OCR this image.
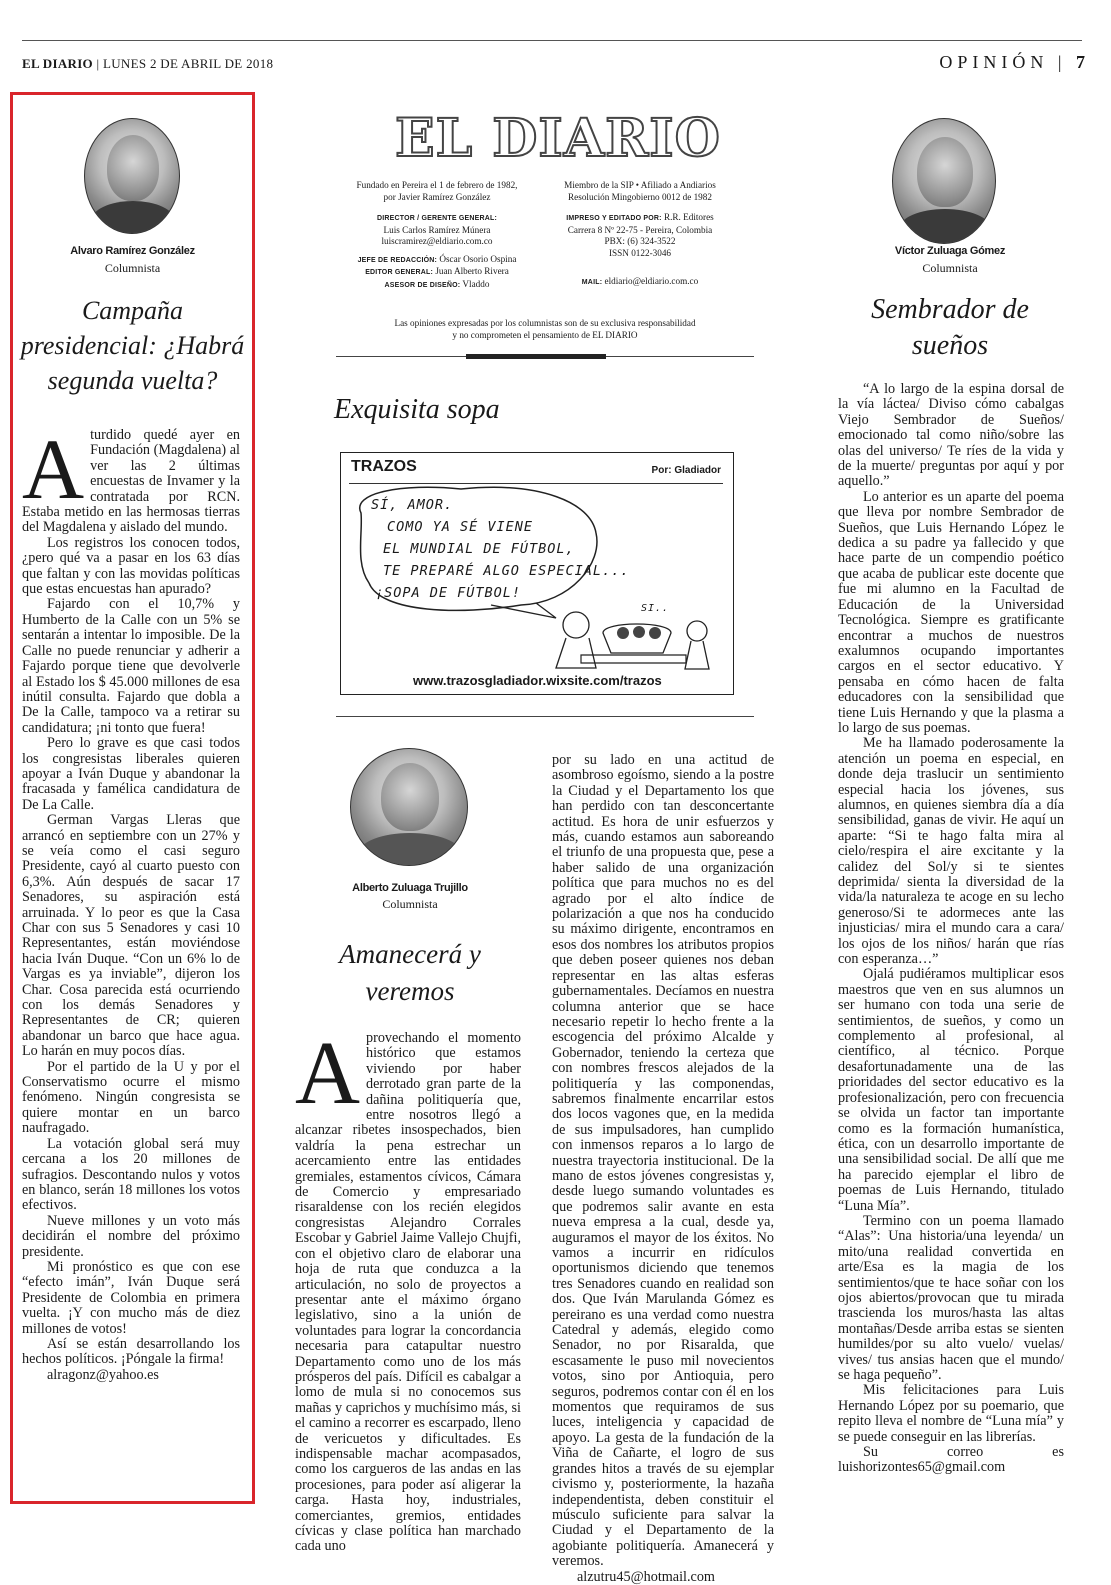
EL DIARIO | LUNES 2 DE ABRIL DE 2018	OPINIÓN | 7
Alvaro Ramírez González
Columnista
Campaña presidencial: ¿Habrá segunda vuelta?
A turdido quedé ayer en Fundación (Magdalena) al ver las 2 últimas encuestas de Invamer y la contratada por RCN. Estaba metido en las hermosas tierras del Magdalena y aislado del mundo.

Los registros los conocen todos, ¿pero qué va a pasar en los 63 días que faltan y con las movidas políticas que estas encuestas han apurado?

Fajardo con el 10,7% y Humberto de la Calle con un 5% se sentarán a intentar lo imposible. De la Calle no puede renunciar y adherir a Fajardo porque tiene que devolverle al Estado los $ 45.000 millones de esa inútil consulta. Fajardo que dobla a De la Calle, tampoco va a retirar su candidatura; ¡ni tonto que fuera!

Pero lo grave es que casi todos los congresistas liberales quieren apoyar a Iván Duque y abandonar la fracasada y famélica candidatura de De La Calle.

German Vargas Lleras que arrancó en septiembre con un 27% y se veía como el casi seguro Presidente, cayó al cuarto puesto con 6,3%. Aún después de sacar 17 Senadores, su aspiración está arruinada. Y lo peor es que la Casa Char con sus 5 Senadores y casi 10 Representantes, están moviéndose hacia Iván Duque. “Con un 6% lo de Vargas es ya inviable”, dijeron los Char. Cosa parecida está ocurriendo con los demás Senadores y Representantes de CR; quieren abandonar un barco que hace agua. Lo harán en muy pocos días.

Por el partido de la U y por el Conservatismo ocurre el mismo fenómeno. Ningún congresista se quiere montar en un barco naufragado.

La votación global será muy cercana a los 20 millones de sufragios. Descontando nulos y votos en blanco, serán 18 millones los votos efectivos.

Nueve millones y un voto más decidirán el nombre del próximo presidente.

Mi pronóstico es que con ese “efecto imán”, Iván Duque será Presidente de Colombia en primera vuelta. ¡Y con mucho más de diez millones de votos!

Así se están desarrollando los hechos políticos. ¡Póngale la firma!

alragonz@yahoo.es

EL DIARIO
Fundado en Pereira el 1 de febrero de 1982,
por Javier Ramírez González
DIRECTOR / GERENTE GENERAL:
Luis Carlos Ramírez Múnera
luiscramirez@eldiario.com.co
JEFE DE REDACCIÓN: Óscar Osorio Ospina
EDITOR GENERAL: Juan Alberto Rivera
ASESOR DE DISEÑO: Vladdo
Miembro de la SIP • Afiliado a Andiarios
Resolución Mingobierno 0012 de 1982
IMPRESO Y EDITADO POR: R.R. Editores
Carrera 8 Nº 22-75 - Pereira, Colombia
PBX: (6) 324-3522
ISSN 0122-3046
MAIL: eldiario@eldiario.com.co
Las opiniones expresadas por los columnistas son de su exclusiva responsabilidad
y no comprometen el pensamiento de EL DIARIO
Exquisita sopa
TRAZOS	Por: Gladiador
SÍ, AMOR.
COMO YA SÉ VIENE
EL MUNDIAL DE FÚTBOL,
TE PREPARÉ ALGO ESPECIAL...
¡SOPA DE FÚTBOL!
SI..
www.trazosgladiador.wixsite.com/trazos
Alberto Zuluaga Trujillo
Columnista
Amanecerá y veremos
A provechando el momento histórico que estamos viviendo por haber derrotado gran parte de la dañina politiquería que, entre nosotros llegó a alcanzar ribetes insospechados, bien valdría la pena estrechar un acercamiento entre las entidades gremiales, estamentos cívicos, Cámara de Comercio y empresariado risaraldense con los recién elegidos congresistas Alejandro Corrales Escobar y Gabriel Jaime Vallejo Chujfi, con el objetivo claro de elaborar una hoja de ruta que conduzca a la articulación, no solo de proyectos a presentar ante el máximo órgano legislativo, sino a la unión de voluntades para lograr la concordancia necesaria para catapultar nuestro Departamento como uno de los más prósperos del país. Difícil es cabalgar a lomo de mula si no conocemos sus mañas y caprichos y muchísimo más, si el camino a recorrer es escarpado, lleno de vericuetos y dificultades. Es indispensable machar acompasados, como los cargueros de las andas en las procesiones, para poder así aligerar la carga. Hasta hoy, industriales, comerciantes, gremios, entidades cívicas y clase política han marchado cada uno

por su lado en una actitud de asombroso egoísmo, siendo a la postre la Ciudad y el Departamento los que han perdido con tan desconcertante actitud. Es hora de unir esfuerzos y más, cuando estamos aun saboreando el triunfo de una propuesta que, pese a haber salido de una organización política que para muchos no es del agrado por el alto índice de polarización a que nos ha conducido su máximo dirigente, encontramos en esos dos nombres los atributos propios que deben poseer quienes nos deban representar en las altas esferas gubernamentales. Decíamos en nuestra columna anterior que se hace necesario repetir lo hecho frente a la escogencia del próximo Alcalde y Gobernador, teniendo la certeza que con nombres frescos alejados de la politiquería y las componendas, sabremos finalmente encarrilar estos dos locos vagones que, en la medida de sus impulsadores, han cumplido con inmensos reparos a lo largo de nuestra trayectoria institucional. De la mano de estos jóvenes congresistas y, desde luego sumando voluntades es que podremos salir avante en esta nueva empresa a la cual, desde ya, auguramos el mayor de los éxitos. No vamos a incurrir en ridículos oportunismos diciendo que tenemos tres Senadores cuando en realidad son dos. Que Iván Marulanda Gómez es pereirano es una verdad como nuestra Catedral y además, elegido como Senador, no por Risaralda, que escasamente le puso mil novecientos votos, sino por Antioquia, pero seguros, podremos contar con él en los momentos que requiramos de sus luces, inteligencia y capacidad de apoyo. La gesta de la fundación de la Viña de Cañarte, el logro de sus grandes hitos a través de su ejemplar civismo y, posteriormente, la hazaña independentista, deben constituir el músculo suficiente para salvar la Ciudad y el Departamento de la agobiante politiquería. Amanecerá y veremos.

alzutru45@hotmail.com

Víctor Zuluaga Gómez
Columnista
Sembrador de sueños

“A lo largo de la espina dorsal de la vía láctea/ Diviso cómo cabalgas Viejo Sembrador de Sueños/ emocionado tal como niño/sobre las olas del universo/ Te ríes de la vida y de la muerte/ preguntas por aquí y por aquello.”

Lo anterior es un aparte del poema que lleva por nombre Sembrador de Sueños, que Luis Hernando López le dedica a su padre ya fallecido y que hace parte de un compendio poético que acaba de publicar este docente que fue mi alumno en la Facultad de Educación de la Universidad Tecnológica. Siempre es gratificante encontrar a muchos de nuestros exalumnos ocupando importantes cargos en el sector educativo. Y pensaba en cómo hacen de falta educadores con la sensibilidad que tiene Luis Hernando y que la plasma a lo largo de sus poemas.

Me ha llamado poderosamente la atención un poema en especial, en donde deja traslucir un sentimiento especial hacia los jóvenes, sus alumnos, en quienes siembra día a día sensibilidad, ganas de vivir. He aquí un aparte: “Si te hago falta mira al cielo/respira el aire excitante y la calidez del Sol/y si te sientes deprimida/ sienta la diversidad de la vida/la naturaleza te acoge en su lecho generoso/Si te adormeces ante las injusticias/ mira el mundo cara a cara/ los ojos de los niños/ harán que rías con esperanza…”

Ojalá pudiéramos multiplicar esos maestros que ven en sus alumnos un ser humano con toda una serie de sentimientos, de sueños, y como un complemento al profesional, al científico, al técnico. Porque desafortunadamente una de las prioridades del sector educativo es la profesionalización, pero con frecuencia se olvida un factor tan importante como es la formación humanística, ética, con un desarrollo importante de una sensibilidad social. De allí que me ha parecido ejemplar el libro de poemas de Luis Hernando, titulado “Luna Mía”.

Termino con un poema llamado “Alas”: Una historia/una leyenda/ un mito/una realidad convertida en arte/Esa es la magia de los sentimientos/que te hace soñar con los ojos abiertos/provocan que tu mirada trascienda los muros/hasta las altas montañas/Desde arriba estas se sienten humildes/por su alto vuelo/ vuelas/ vives/ tus ansias hacen que el mundo/ se haga pequeño”.

Mis felicitaciones para Luis Hernando López por su poemario, que repito lleva el nombre de “Luna mía” y se puede conseguir en las librerías.

Su correo es luishorizontes65@gmail.com
